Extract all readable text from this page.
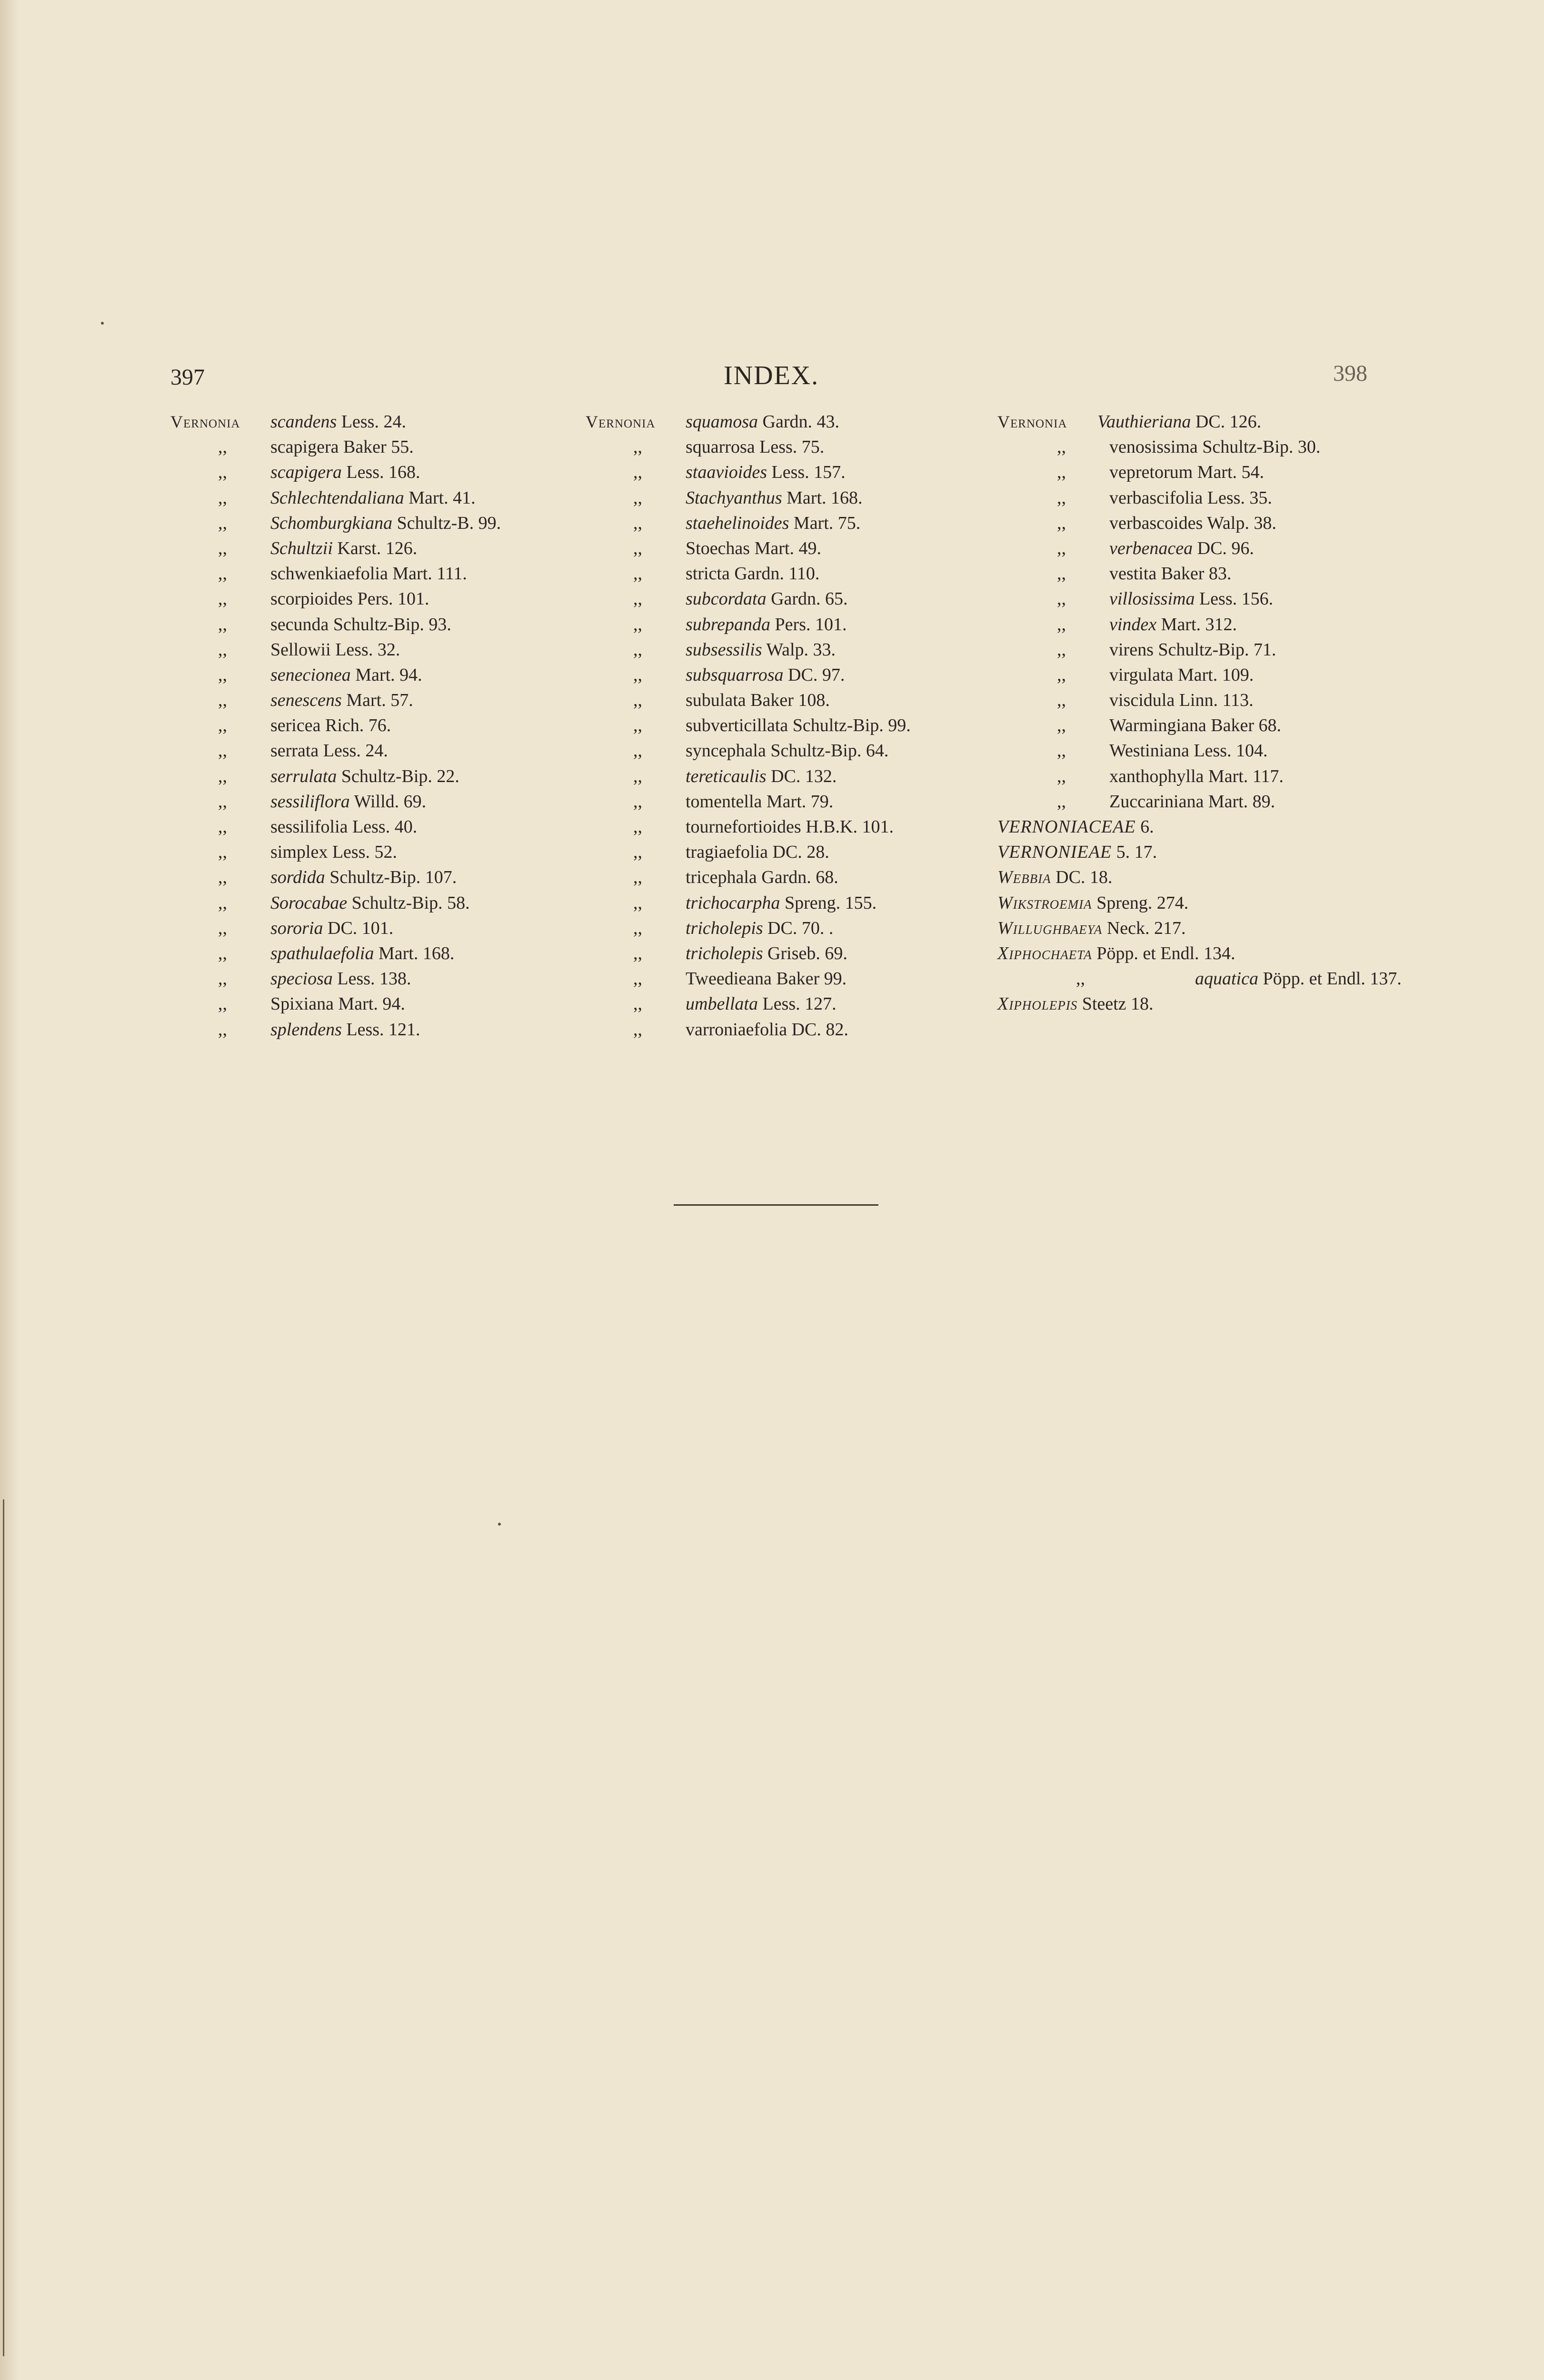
397	INDEX.	398
Vernonia scandens Less. 24.
,, scapigera Baker 55.
,, scapigera Less. 168.
,, Schlechtendaliana Mart. 41.
,, Schomburgkiana Schultz-B. 99.
,, Schultzii Karst. 126.
,, schwenkiaefolia Mart. 111.
,, scorpioides Pers. 101.
,, secunda Schultz-Bip. 93.
,, Sellowii Less. 32.
,, senecionea Mart. 94.
,, senescens Mart. 57.
,, sericea Rich. 76.
,, serrata Less. 24.
,, serrulata Schultz-Bip. 22.
,, sessiliflora Willd. 69.
,, sessilifolia Less. 40.
,, simplex Less. 52.
,, sordida Schultz-Bip. 107.
,, Sorocabae Schultz-Bip. 58.
,, sororia DC. 101.
,, spathulaefolia Mart. 168.
,, speciosa Less. 138.
,, Spixiana Mart. 94.
,, splendens Less. 121.
Vernonia squamosa Gardn. 43.
,, squarrosa Less. 75.
,, staavioides Less. 157.
,, Stachyanthus Mart. 168.
,, staehelinoides Mart. 75.
,, Stoechas Mart. 49.
,, stricta Gardn. 110.
,, subcordata Gardn. 65.
,, subrepanda Pers. 101.
,, subsessilis Walp. 33.
,, subsquarrosa DC. 97.
,, subulata Baker 108.
,, subverticillata Schultz-Bip. 99.
,, syncephala Schultz-Bip. 64.
,, tereticaulis DC. 132.
,, tomentella Mart. 79.
,, tournefortioides H.B.K. 101.
,, tragiaefolia DC. 28.
,, tricephala Gardn. 68.
,, trichocarpha Spreng. 155.
,, tricholepis DC. 70. .
,, tricholepis Griseb. 69.
,, Tweedieana Baker 99.
,, umbellata Less. 127.
,, varroniaefolia DC. 82.
Vernonia Vauthieriana DC. 126.
,, venosissima Schultz-Bip. 30.
,, vepretorum Mart. 54.
,, verbascifolia Less. 35.
,, verbascoides Walp. 38.
,, verbenacea DC. 96.
,, vestita Baker 83.
,, villosissima Less. 156.
,, vindex Mart. 312.
,, virens Schultz-Bip. 71.
,, virgulata Mart. 109.
,, viscidula Linn. 113.
,, Warmingiana Baker 68.
,, Westiniana Less. 104.
,, xanthophylla Mart. 117.
,, Zuccariniana Mart. 89.
VERNONIACEAE 6.
VERNONIEAE 5. 17.
Webbia DC. 18.
Wikstroemia Spreng. 274.
Willughbaeya Neck. 217.
Xiphochaeta Pöpp. et Endl. 134.
,,	aquatica Pöpp. et Endl. 137.
Xipholepis Steetz 18.
